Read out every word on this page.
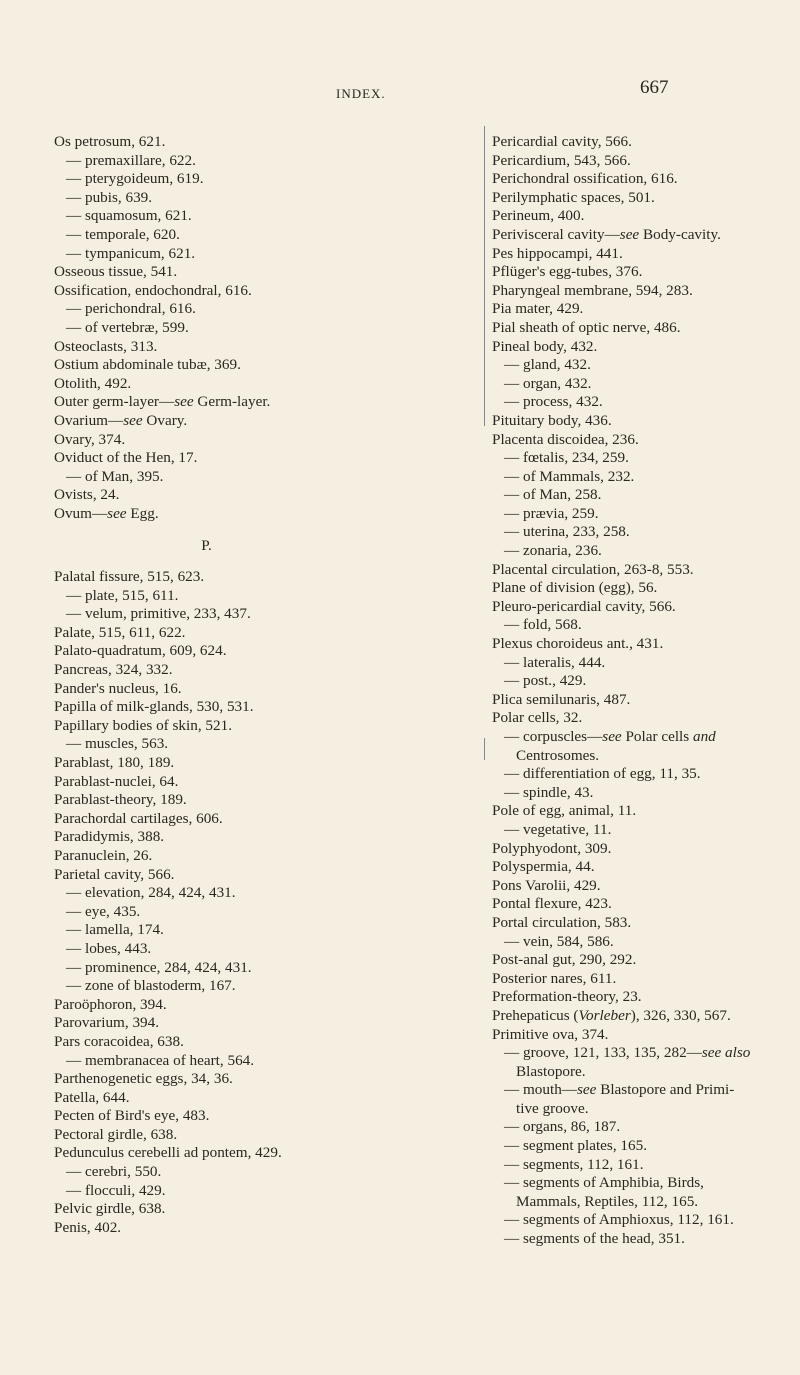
INDEX.	667
Os petrosum, 621.
— premaxillare, 622.
— pterygoideum, 619.
— pubis, 639.
— squamosum, 621.
— temporale, 620.
— tympanicum, 621.
Osseous tissue, 541.
Ossification, endochondral, 616.
— perichondral, 616.
— of vertebræ, 599.
Osteoclasts, 313.
Ostium abdominale tubæ, 369.
Otolith, 492.
Outer germ-layer—see Germ-layer.
Ovarium—see Ovary.
Ovary, 374.
Oviduct of the Hen, 17.
— of Man, 395.
Ovists, 24.
Ovum—see Egg.
P.
Palatal fissure, 515, 623.
— plate, 515, 611.
— velum, primitive, 233, 437.
Palate, 515, 611, 622.
Palato-quadratum, 609, 624.
Pancreas, 324, 332.
Pander's nucleus, 16.
Papilla of milk-glands, 530, 531.
Papillary bodies of skin, 521.
— muscles, 563.
Parablast, 180, 189.
Parablast-nuclei, 64.
Parablast-theory, 189.
Parachordal cartilages, 606.
Paradidymis, 388.
Paranuclein, 26.
Parietal cavity, 566.
— elevation, 284, 424, 431.
— eye, 435.
— lamella, 174.
— lobes, 443.
— prominence, 284, 424, 431.
— zone of blastoderm, 167.
Paroöphoron, 394.
Parovarium, 394.
Pars coracoidea, 638.
— membranacea of heart, 564.
Parthenogenetic eggs, 34, 36.
Patella, 644.
Pecten of Bird's eye, 483.
Pectoral girdle, 638.
Pedunculus cerebelli ad pontem, 429.
— cerebri, 550.
— flocculi, 429.
Pelvic girdle, 638.
Penis, 402.
Pericardial cavity, 566.
Pericardium, 543, 566.
Perichondral ossification, 616.
Perilymphatic spaces, 501.
Perineum, 400.
Perivisceral cavity—see Body-cavity.
Pes hippocampi, 441.
Pflüger's egg-tubes, 376.
Pharyngeal membrane, 594, 283.
Pia mater, 429.
Pial sheath of optic nerve, 486.
Pineal body, 432.
— gland, 432.
— organ, 432.
— process, 432.
Pituitary body, 436.
Placenta discoidea, 236.
— fœtalis, 234, 259.
— of Mammals, 232.
— of Man, 258.
— prævia, 259.
— uterina, 233, 258.
— zonaria, 236.
Placental circulation, 263-8, 553.
Plane of division (egg), 56.
Pleuro-pericardial cavity, 566.
— fold, 568.
Plexus choroideus ant., 431.
— lateralis, 444.
— post., 429.
Plica semilunaris, 487.
Polar cells, 32.
— corpuscles—see Polar cells and
Centrosomes.
— differentiation of egg, 11, 35.
— spindle, 43.
Pole of egg, animal, 11.
— vegetative, 11.
Polyphyodont, 309.
Polyspermia, 44.
Pons Varolii, 429.
Pontal flexure, 423.
Portal circulation, 583.
— vein, 584, 586.
Post-anal gut, 290, 292.
Posterior nares, 611.
Preformation-theory, 23.
Prehepaticus (Vorleber), 326, 330, 567.
Primitive ova, 374.
— groove, 121, 133, 135, 282—see also
Blastopore.
— mouth—see Blastopore and Primi-
tive groove.
— organs, 86, 187.
— segment plates, 165.
— segments, 112, 161.
— segments of Amphibia, Birds,
Mammals, Reptiles, 112, 165.
— segments of Amphioxus, 112, 161.
— segments of the head, 351.
